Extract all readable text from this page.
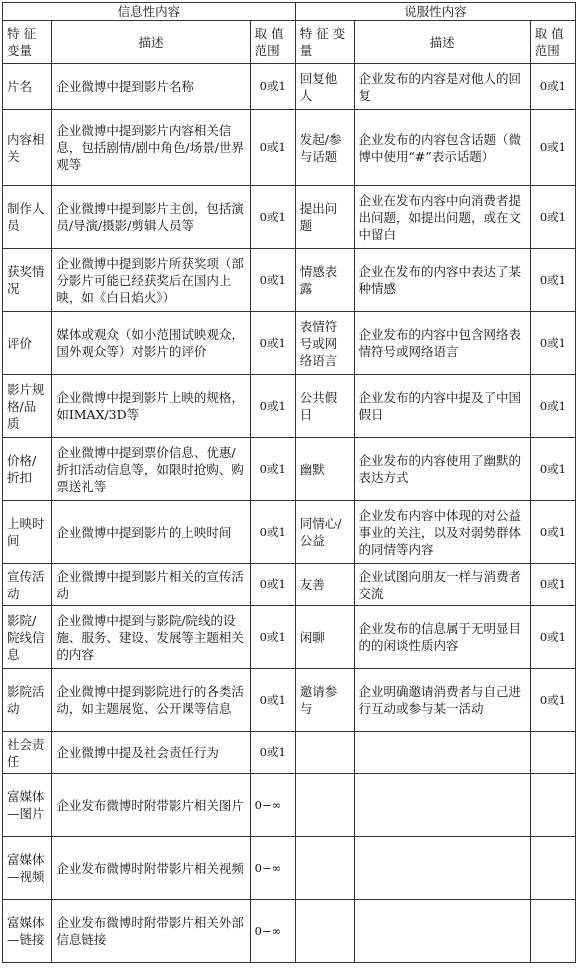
信息性内容			说服性内容		
特 征 变量	描述	取 值 范围	特 征 变量	描述	取 值 范围
片名	企业微博中提到影片名称	0或1	回复他人	企业发布的内容是对他人的回复	0或1
内容相关	企业微博中提到影片内容相关信息，包括剧情/剧中角色/场景/世界观等	0或1	发起/参与话题	企业发布的内容包含话题（微博中使用“#”表示话题）	0或1
制作人员	企业微博中提到影片主创，包括演员/导演/摄影/剪辑人员等	0或1	提出问题	企业在发布内容中向消费者提出问题，如提出问题，或在文中留白	0或1
获奖情况	企业微博中提到影片所获奖项（部分影片可能已经获奖后在国内上映，如《白日焰火》）	0或1	情感表露	企业在发布的内容中表达了某种情感	0或1
评价	媒体或观众（如小范围试映观众，国外观众等）对影片的评价	0或1	表情符号或网络语言	企业发布的内容中包含网络表情符号或网络语言	0或1
影片规格/品质	企业微博中提到影片上映的规格，如IMAX/3D等	0或1	公共假日	企业发布的内容中提及了中国假日	0或1
价格/折扣	企业微博中提到票价信息、优惠/折扣活动信息等，如限时抢购、购票送礼等	0或1	幽默	企业发布的内容使用了幽默的表达方式	0或1
上映时间	企业微博中提到影片的上映时间	0或1	同情心/公益	企业发布内容中体现的对公益事业的关注，以及对弱势群体的同情等内容	0或1
宣传活动	企业微博中提到影片相关的宣传活动	0或1	友善	企业试图向朋友一样与消费者交流	0或1
影院/院线信息	企业微博中提到与影院/院线的设施、服务、建设、发展等主题相关的内容	0或1	闲聊	企业发布的信息属于无明显目的的闲谈性质内容	0或1
影院活动	企业微博中提到影院进行的各类活动，如主题展览、公开课等信息	0或1	邀请参与	企业明确邀请消费者与自己进行互动或参与某一活动	0或1
社会责任	企业微博中提及社会责任行为	0或1			
富媒体—图片	企业发布微博时附带影片相关图片	0−∞			
富媒体—视频	企业发布微博时附带影片相关视频	0−∞			
富媒体—链接	企业发布微博时附带影片相关外部信息链接	0−∞			
